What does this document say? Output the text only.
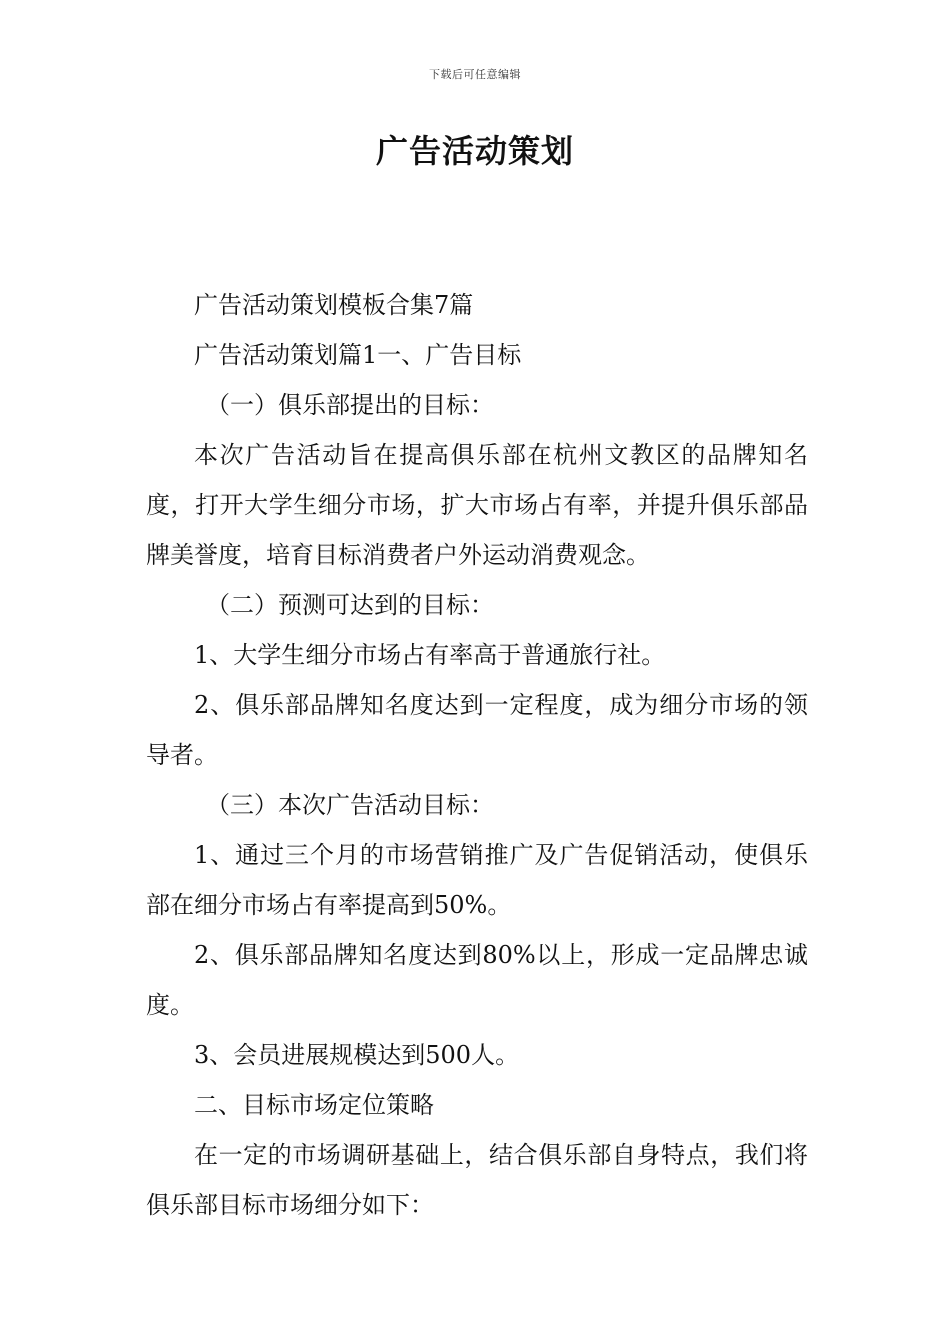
下载后可任意编辑
广告活动策划

广告活动策划模板合集7篇

广告活动策划篇1一、广告目标

（一）俱乐部提出的目标：

本次广告活动旨在提高俱乐部在杭州文教区的品牌知名度，打开大学生细分市场，扩大市场占有率，并提升俱乐部品牌美誉度，培育目标消费者户外运动消费观念。

（二）预测可达到的目标：

1、大学生细分市场占有率高于普通旅行社。

2、俱乐部品牌知名度达到一定程度，成为细分市场的领导者。

（三）本次广告活动目标：

1、通过三个月的市场营销推广及广告促销活动，使俱乐部在细分市场占有率提高到50%。

2、俱乐部品牌知名度达到80%以上，形成一定品牌忠诚度。

3、会员进展规模达到500人。

二、目标市场定位策略

在一定的市场调研基础上，结合俱乐部自身特点，我们将俱乐部目标市场细分如下：
